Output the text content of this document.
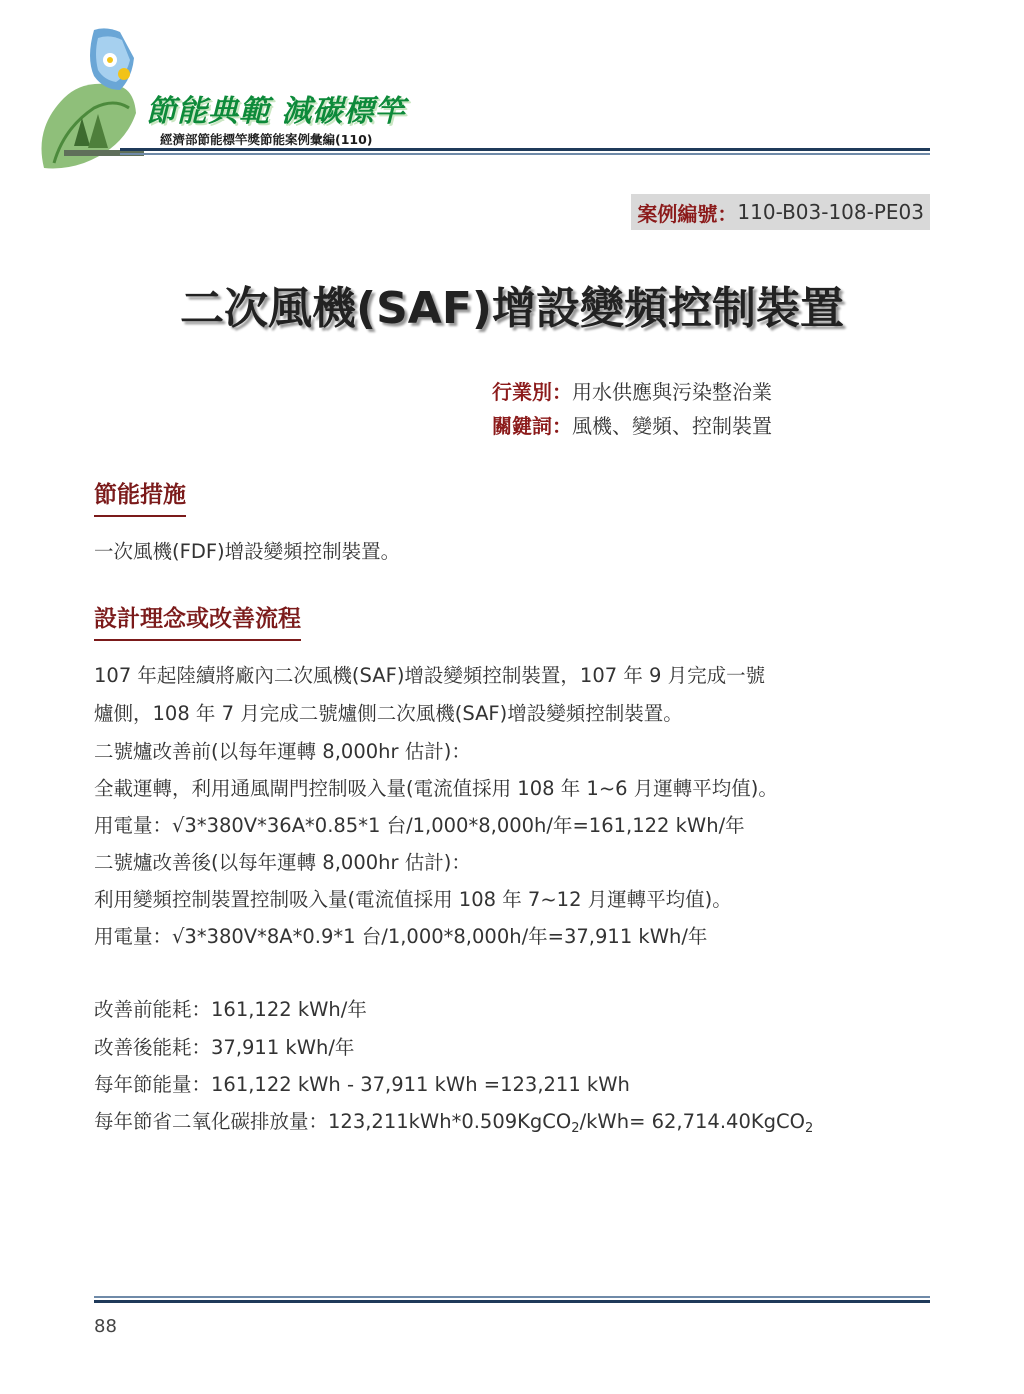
節能典範 減碳標竿
經濟部節能標竿獎節能案例彙編(110)
案例編號： 110-B03-108-PE03
二次風機(SAF)增設變頻控制裝置
行業別：用水供應與污染整治業
關鍵詞：風機、變頻、控制裝置
節能措施
一次風機(FDF)增設變頻控制裝置。
設計理念或改善流程
107 年起陸續將廠內二次風機(SAF)增設變頻控制裝置，107 年 9 月完成一號
爐側，108 年 7 月完成二號爐側二次風機(SAF)增設變頻控制裝置。
二號爐改善前(以每年運轉 8,000hr 估計)：
全載運轉，利用通風閘門控制吸入量(電流值採用 108 年 1~6 月運轉平均值)。
用電量：√3*380V*36A*0.85*1 台/1,000*8,000h/年=161,122 kWh/年
二號爐改善後(以每年運轉 8,000hr 估計)：
利用變頻控制裝置控制吸入量(電流值採用 108 年 7~12 月運轉平均值)。
用電量：√3*380V*8A*0.9*1 台/1,000*8,000h/年=37,911 kWh/年
改善前能耗：161,122 kWh/年
改善後能耗：37,911 kWh/年
每年節能量：161,122 kWh - 37,911 kWh =123,211 kWh
每年節省二氧化碳排放量：123,211kWh*0.509KgCO$_2$/kWh= 62,714.40KgCO$_2$
88
